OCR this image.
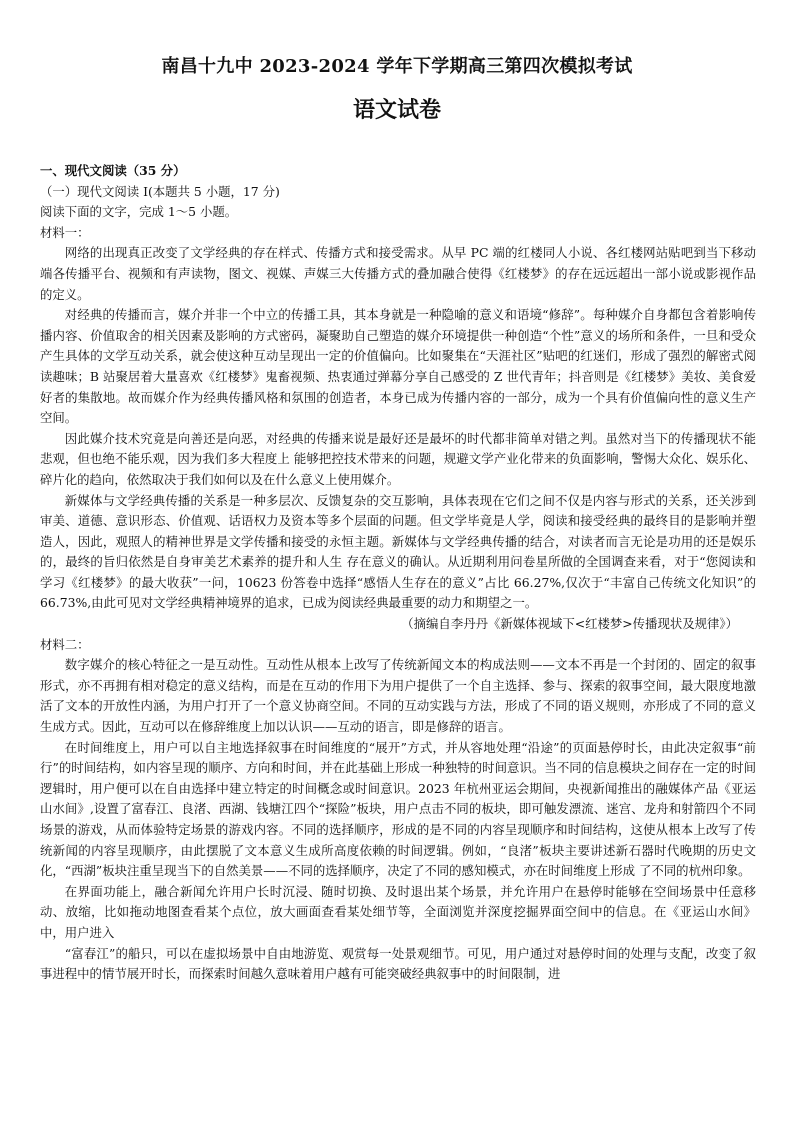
南昌十九中 2023-2024 学年下学期高三第四次模拟考试
语文试卷

一、现代文阅读（35 分）

（一）现代文阅读 I(本题共 5 小题，17 分)

阅读下面的文字，完成 1～5 小题。

材料一：

网络的出现真正改变了文学经典的存在样式、传播方式和接受需求。从早 PC 端的红楼同人小说、各红楼网站贴吧到当下移动端各传播平台、视频和有声读物，图文、视媒、声媒三大传播方式的叠加融合使得《红楼梦》的存在远远超出一部小说或影视作品的定义。

对经典的传播而言，媒介并非一个中立的传播工具，其本身就是一种隐喻的意义和语境“修辞”。每种媒介自身都包含着影响传播内容、价值取舍的相关因素及影响的方式密码，凝聚助自己塑造的媒介环境提供一种创造“个性”意义的场所和条件，一旦和受众产生具体的文学互动关系，就会使这种互动呈现出一定的价值偏向。比如聚集在“天涯社区”贴吧的红迷们，形成了强烈的解密式阅读趣味；B 站聚居着大量喜欢《红楼梦》鬼畜视频、热衷通过弹幕分享自己感受的 Z 世代青年；抖音则是《红楼梦》美妆、美食爱好者的集散地。故而媒介作为经典传播风格和氛围的创造者，本身已成为传播内容的一部分，成为一个具有价值偏向性的意义生产空间。

因此媒介技术究竟是向善还是向恶，对经典的传播来说是最好还是最坏的时代都非简单对错之判。虽然对当下的传播现状不能悲观，但也绝不能乐观，因为我们多大程度上 能够把控技术带来的问题，规避文学产业化带来的负面影响，警惕大众化、娱乐化、碎片化的趋向，依然取决于我们如何以及在什么意义上使用媒介。

新媒体与文学经典传播的关系是一种多层次、反馈复杂的交互影响，具体表现在它们之间不仅是内容与形式的关系，还关涉到审美、道德、意识形态、价值观、话语权力及资本等多个层面的问题。但文学毕竟是人学，阅读和接受经典的最终目的是影响并塑造人，因此，观照人的精神世界是文学传播和接受的永恒主题。新媒体与文学经典传播的结合，对读者而言无论是功用的还是娱乐的，最终的旨归依然是自身审美艺术素养的提升和人生 存在意义的确认。从近期利用问卷星所做的全国调查来看，对于“您阅读和学习《红楼梦》的最大收获”一问，10623 份答卷中选择“感悟人生存在的意义”占比 66.27%,仅次于“丰富自己传统文化知识”的 66.73%,由此可见对文学经典精神境界的追求，已成为阅读经典最重要的动力和期望之一。

（摘编自李丹丹《新媒体视域下<红楼梦>传播现状及规律》）

材料二：

数字媒介的核心特征之一是互动性。互动性从根本上改写了传统新闻文本的构成法则——文本不再是一个封闭的、固定的叙事形式，亦不再拥有相对稳定的意义结构，而是在互动的作用下为用户提供了一个自主选择、参与、探索的叙事空间，最大限度地激活了文本的开放性内涵，为用户打开了一个意义协商空间。不同的互动实践与方法，形成了不同的语义规则，亦形成了不同的意义生成方式。因此，互动可以在修辞维度上加以认识——互动的语言，即是修辞的语言。

在时间维度上，用户可以自主地选择叙事在时间维度的“展开”方式，并从容地处理“沿途”的页面悬停时长，由此决定叙事“前行”的时间结构，如内容呈现的顺序、方向和时间，并在此基础上形成一种独特的时间意识。当不同的信息模块之间存在一定的时间逻辑时，用户便可以在自由选择中建立特定的时间概念或时间意识。2023 年杭州亚运会期间，央视新闻推出的融媒体产品《亚运山水间》,设置了富春江、良渚、西湖、钱塘江四个“探险”板块，用户点击不同的板块，即可触发漂流、迷宫、龙舟和射箭四个不同场景的游戏，从而体验特定场景的游戏内容。不同的选择顺序，形成的是不同的内容呈现顺序和时间结构，这使从根本上改写了传统新闻的内容呈现顺序，由此摆脱了文本意义生成所高度依赖的时间逻辑。例如，“良渚”板块主要讲述新石器时代晚期的历史文化，“西湖”板块注重呈现当下的自然美景——不同的选择顺序，决定了不同的感知模式，亦在时间维度上形成 了不同的杭州印象。

在界面功能上，融合新闻允许用户长时沉浸、随时切换、及时退出某个场景，并允许用户在悬停时能够在空间场景中任意移动、放缩，比如拖动地图查看某个点位，放大画面查看某处细节等，全面浏览并深度挖掘界面空间中的信息。在《亚运山水间》中，用户进入

“富春江”的船只，可以在虚拟场景中自由地游览、观赏每一处景观细节。可见，用户通过对悬停时间的处理与支配，改变了叙事进程中的情节展开时长，而探索时间越久意味着用户越有可能突破经典叙事中的时间限制，进
